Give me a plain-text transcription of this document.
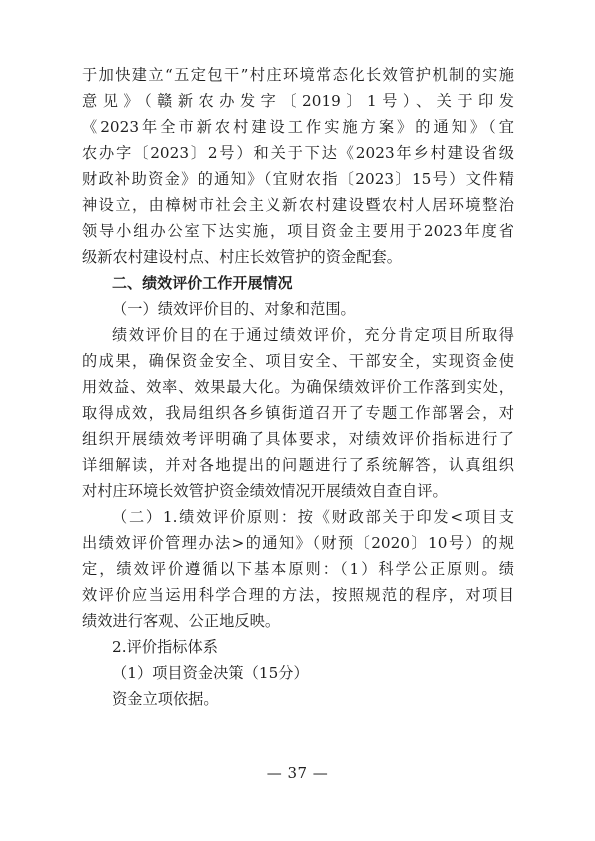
于加快建立“五定包干”村庄环境常态化长效管护机制的实施
意见》（赣新农办发字〔2019〕1号）、关于印发
《2023年全市新农村建设工作实施方案》的通知》（宜
农办字〔2023〕2号）和关于下达《2023年乡村建设省级
财政补助资金》的通知》（宜财农指〔2023〕15号）文件精
神设立，由樟树市社会主义新农村建设暨农村人居环境整治
领导小组办公室下达实施，项目资金主要用于2023年度省
级新农村建设村点、村庄长效管护的资金配套。
二、绩效评价工作开展情况
（一）绩效评价目的、对象和范围。
绩效评价目的在于通过绩效评价，充分肯定项目所取得
的成果，确保资金安全、项目安全、干部安全，实现资金使
用效益、效率、效果最大化。为确保绩效评价工作落到实处，
取得成效，我局组织各乡镇街道召开了专题工作部署会，对
组织开展绩效考评明确了具体要求，对绩效评价指标进行了
详细解读，并对各地提出的问题进行了系统解答，认真组织
对村庄环境长效管护资金绩效情况开展绩效自查自评。
（二）1.绩效评价原则：按《财政部关于印发<项目支
出绩效评价管理办法>的通知》（财预〔2020〕10号）的规
定，绩效评价遵循以下基本原则：（1）科学公正原则。绩
效评价应当运用科学合理的方法，按照规范的程序，对项目
绩效进行客观、公正地反映。
2.评价指标体系
（1）项目资金决策（15分）
资金立项依据。
— 37 —
